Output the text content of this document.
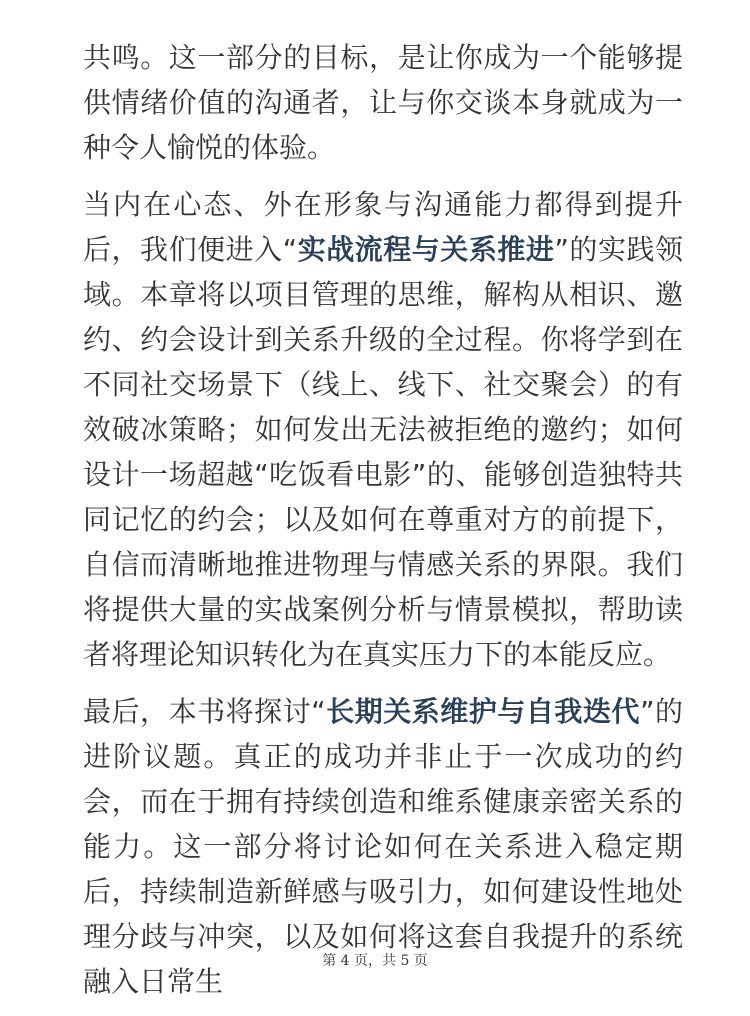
共鸣。这一部分的目标，是让你成为一个能够提供情绪价值的沟通者，让与你交谈本身就成为一种令人愉悦的体验。

当内在心态、外在形象与沟通能力都得到提升后，我们便进入“实战流程与关系推进”的实践领域。本章将以项目管理的思维，解构从相识、邀约、约会设计到关系升级的全过程。你将学到在不同社交场景下（线上、线下、社交聚会）的有效破冰策略；如何发出无法被拒绝的邀约；如何设计一场超越“吃饭看电影”的、能够创造独特共同记忆的约会；以及如何在尊重对方的前提下，自信而清晰地推进物理与情感关系的界限。我们将提供大量的实战案例分析与情景模拟，帮助读者将理论知识转化为在真实压力下的本能反应。

最后，本书将探讨“长期关系维护与自我迭代”的进阶议题。真正的成功并非止于一次成功的约会，而在于拥有持续创造和维系健康亲密关系的能力。这一部分将讨论如何在关系进入稳定期后，持续制造新鲜感与吸引力，如何建设性地处理分歧与冲突，以及如何将这套自我提升的系统融入日常生

第 4 页，共 5 页
